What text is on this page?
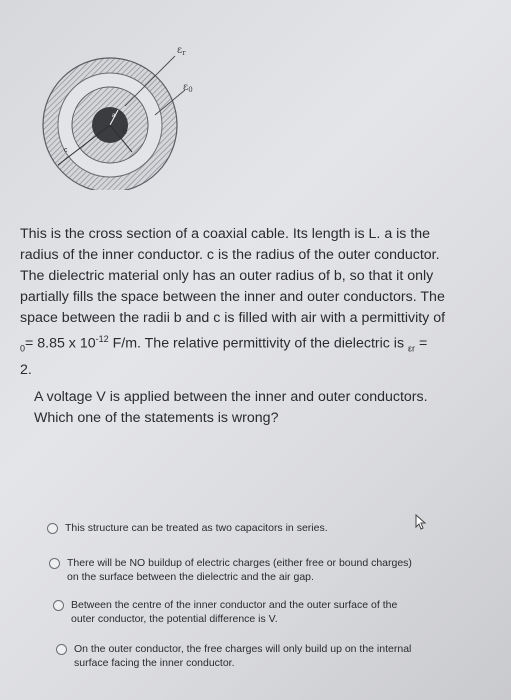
$\varepsilon_r$
$\varepsilon_0$
a
b
c
This is the cross section of a coaxial cable. Its length is L. a is the
radius of the inner conductor. c is the radius of the outer conductor.
The dielectric material only has an outer radius of b, so that it only
partially fills the space between the inner and outer conductors. The
space between the radii b and c is filled with air with a permittivity of
$_0$= 8.85 x $10^{-12}$ F/m. The relative permittivity of the dielectric is $_{\varepsilon r}$ =
2.
A voltage V is applied between the inner and outer conductors.
Which one of the statements is wrong?
This structure can be treated as two capacitors in series.
There will be NO buildup of electric charges (either free or bound charges)
on the surface between the dielectric and the air gap.
Between the centre of the inner conductor and the outer surface of the
outer conductor, the potential difference is V.
On the outer conductor, the free charges will only build up on the internal
surface facing the inner conductor.
